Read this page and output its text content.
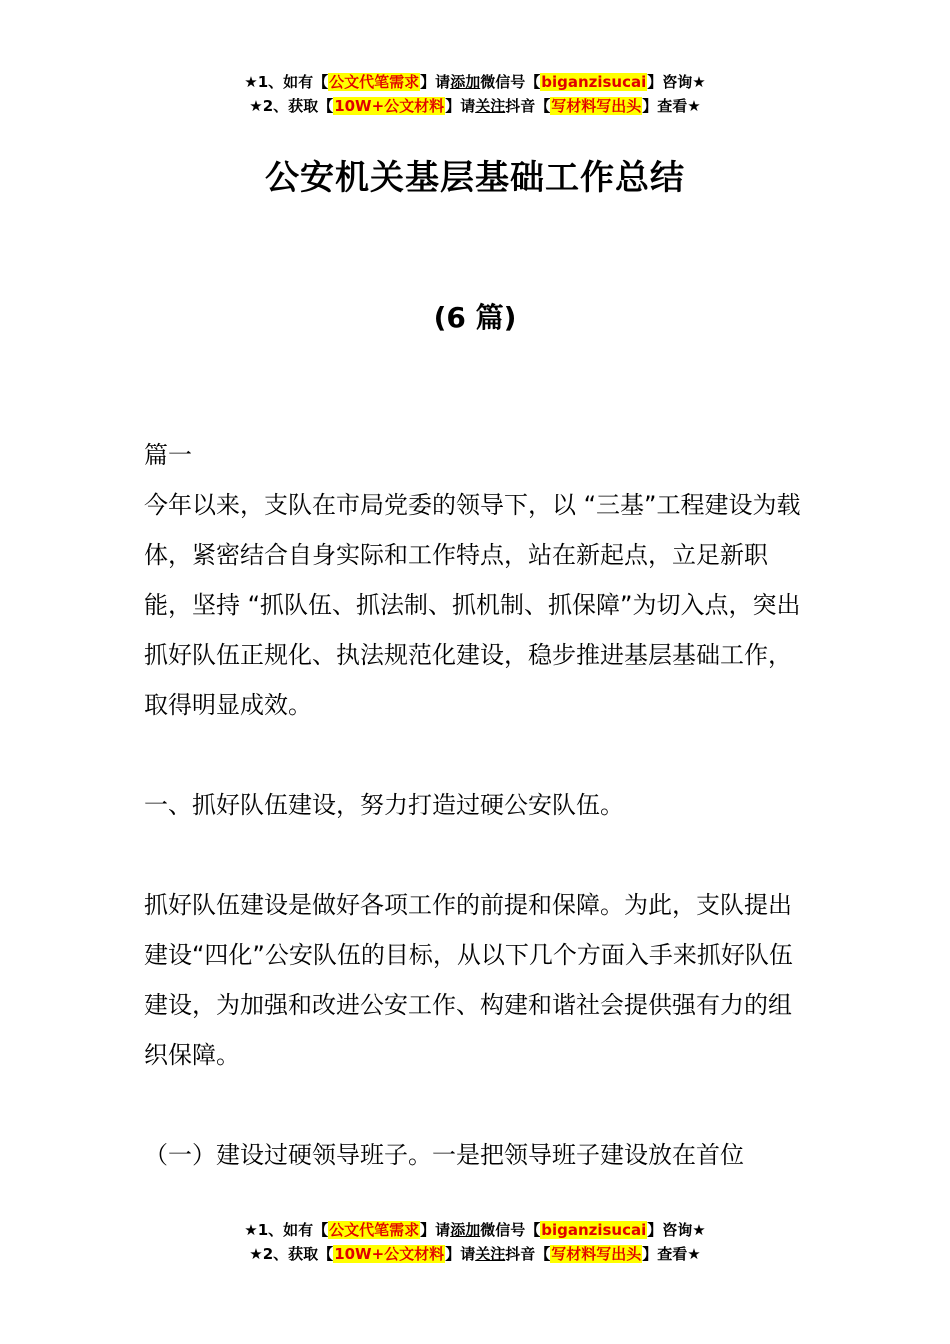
★1、如有【公文代笔需求】请添加微信号【biganzisucai】咨询★
★2、获取【10W+公文材料】请关注抖音【写材料写出头】查看★
公安机关基层基础工作总结
(6 篇)

篇一

今年以来，支队在市局党委的领导下，以 “三基”工程建设为载体，紧密结合自身实际和工作特点，站在新起点，立足新职能，坚持 “抓队伍、抓法制、抓机制、抓保障”为切入点，突出抓好队伍正规化、执法规范化建设，稳步推进基层基础工作，取得明显成效。

一、抓好队伍建设，努力打造过硬公安队伍。

抓好队伍建设是做好各项工作的前提和保障。为此，支队提出建设“四化”公安队伍的目标，从以下几个方面入手来抓好队伍建设，为加强和改进公安工作、构建和谐社会提供强有力的组织保障。

（一）建设过硬领导班子。一是把领导班子建设放在首位

★1、如有【公文代笔需求】请添加微信号【biganzisucai】咨询★
★2、获取【10W+公文材料】请关注抖音【写材料写出头】查看★
